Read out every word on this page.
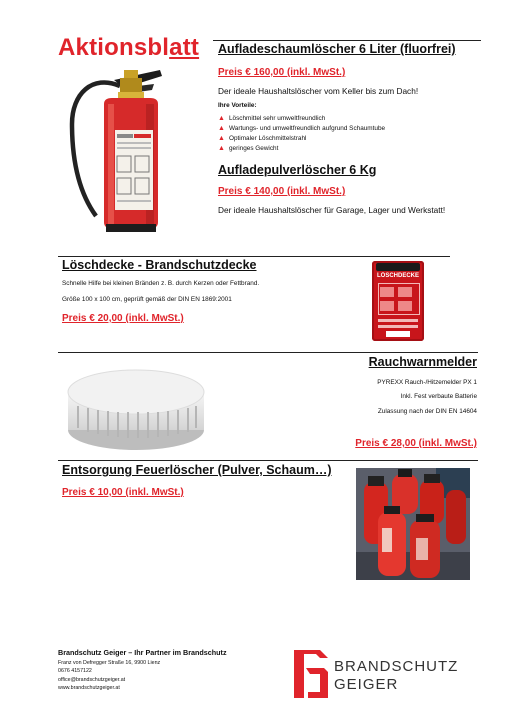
Aktionsblatt Aufladeschaumlöscher 6 Liter (fluorfrei)
Preis € 160,00 (inkl. MwSt.)
Der ideale Haushaltslöscher vom Keller bis zum Dach!
Ihre Vorteile:
▲ Löschmittel sehr umweltfreundlich
▲ Wartungs- und umweltfreundlich aufgrund Schaumtube
▲ Optimaler Löschmittelstrahl
▲ geringes Gewicht
Aufladepulverlöscher 6 Kg
Preis € 140,00 (inkl. MwSt.)
Der ideale Haushaltslöscher für Garage, Lager und Werkstatt!
Löschdecke - Brandschutzdecke
Schnelle Hilfe bei kleinen Bränden z. B. durch Kerzen oder Fettbrand.
Größe 100 x 100 cm, geprüft gemäß der DIN EN 1869:2001
Preis € 20,00 (inkl. MwSt.)
LÖSCHDECKE
Rauchwarnmelder
PYREXX Rauch-/Hitzemelder PX 1
Inkl. Fest verbaute Batterie
Zulassung nach der DIN EN 14604
Preis € 28,00 (inkl. MwSt.)
Entsorgung Feuerlöscher (Pulver, Schaum…)
Preis € 10,00 (inkl. MwSt.)
Brandschutz Geiger – Ihr Partner im Brandschutz
Franz von Defregger Straße 16, 9900 Lienz
0676 4157122
office@brandschutzgeiger.at
www.brandschutzgeiger.at
BRANDSCHUTZ
GEIGER
